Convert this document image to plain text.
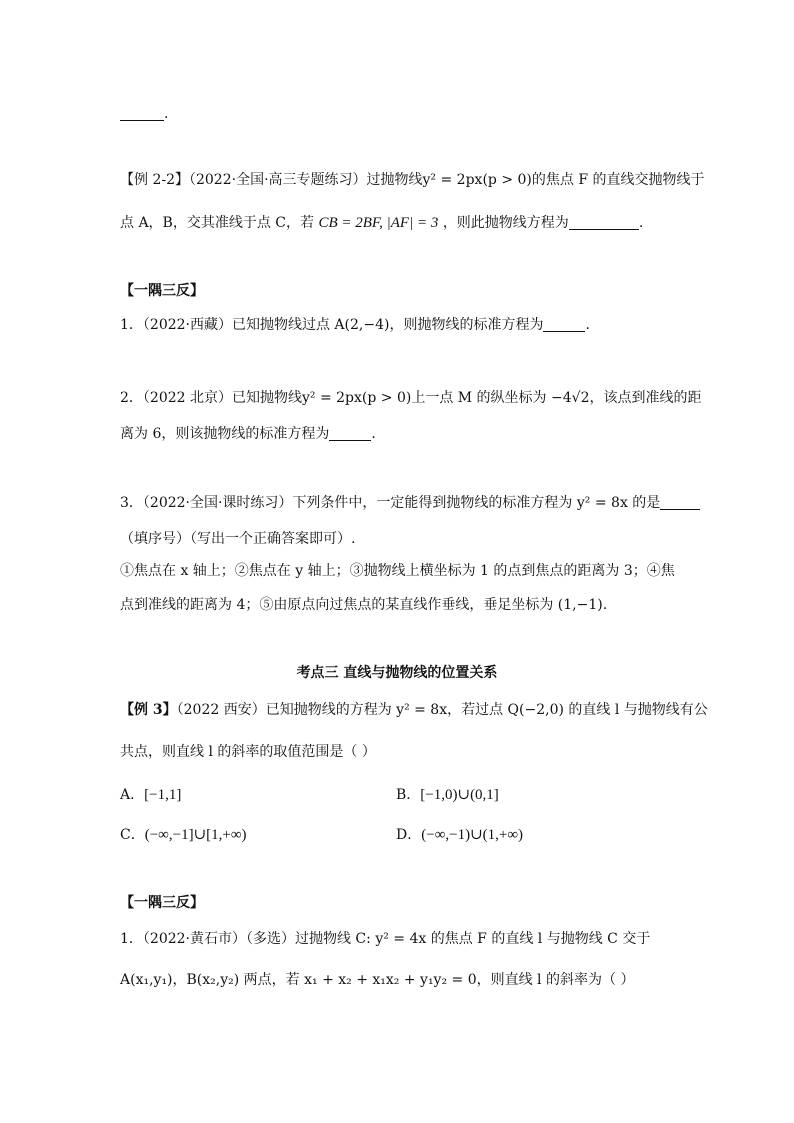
.
【例 2-2】（2022·全国·高三专题练习）过抛物线y² = 2px(p > 0)的焦点 F 的直线交抛物线于
点 A，B，交其准线于点 C，若 CB = 2BF, |AF| = 3 ，则此抛物线方程为	.
【一隅三反】
1．（2022·西藏）已知抛物线过点 A(2,−4)，则抛物线的标准方程为	.
2．（2022 北京）已知抛物线y² = 2px(p > 0)上一点 M 的纵坐标为 −4√2，该点到准线的距
离为 6，则该抛物线的标准方程为	.
3．（2022·全国·课时练习）下列条件中，一定能得到抛物线的标准方程为 y² = 8x 的是
（填序号）（写出一个正确答案即可）.
①焦点在 x 轴上；②焦点在 y 轴上；③抛物线上横坐标为 1 的点到焦点的距离为 3；④焦
点到准线的距离为 4；⑤由原点向过焦点的某直线作垂线，垂足坐标为 (1,−1).
考点三 直线与抛物线的位置关系
【例 3】（2022 西安）已知抛物线的方程为 y² = 8x，若过点 Q(−2,0) 的直线 l 与抛物线有公
共点，则直线 l 的斜率的取值范围是（ ）
A．[−1,1]	B．[−1,0)∪(0,1]
C．(−∞,−1]∪[1,+∞)	D．(−∞,−1)∪(1,+∞)
【一隅三反】
1．（2022·黄石市）（多选）过抛物线 C: y² = 4x 的焦点 F 的直线 l 与抛物线 C 交于
A(x₁,y₁)，B(x₂,y₂) 两点，若 x₁ + x₂ + x₁x₂ + y₁y₂ = 0，则直线 l 的斜率为（ ）
